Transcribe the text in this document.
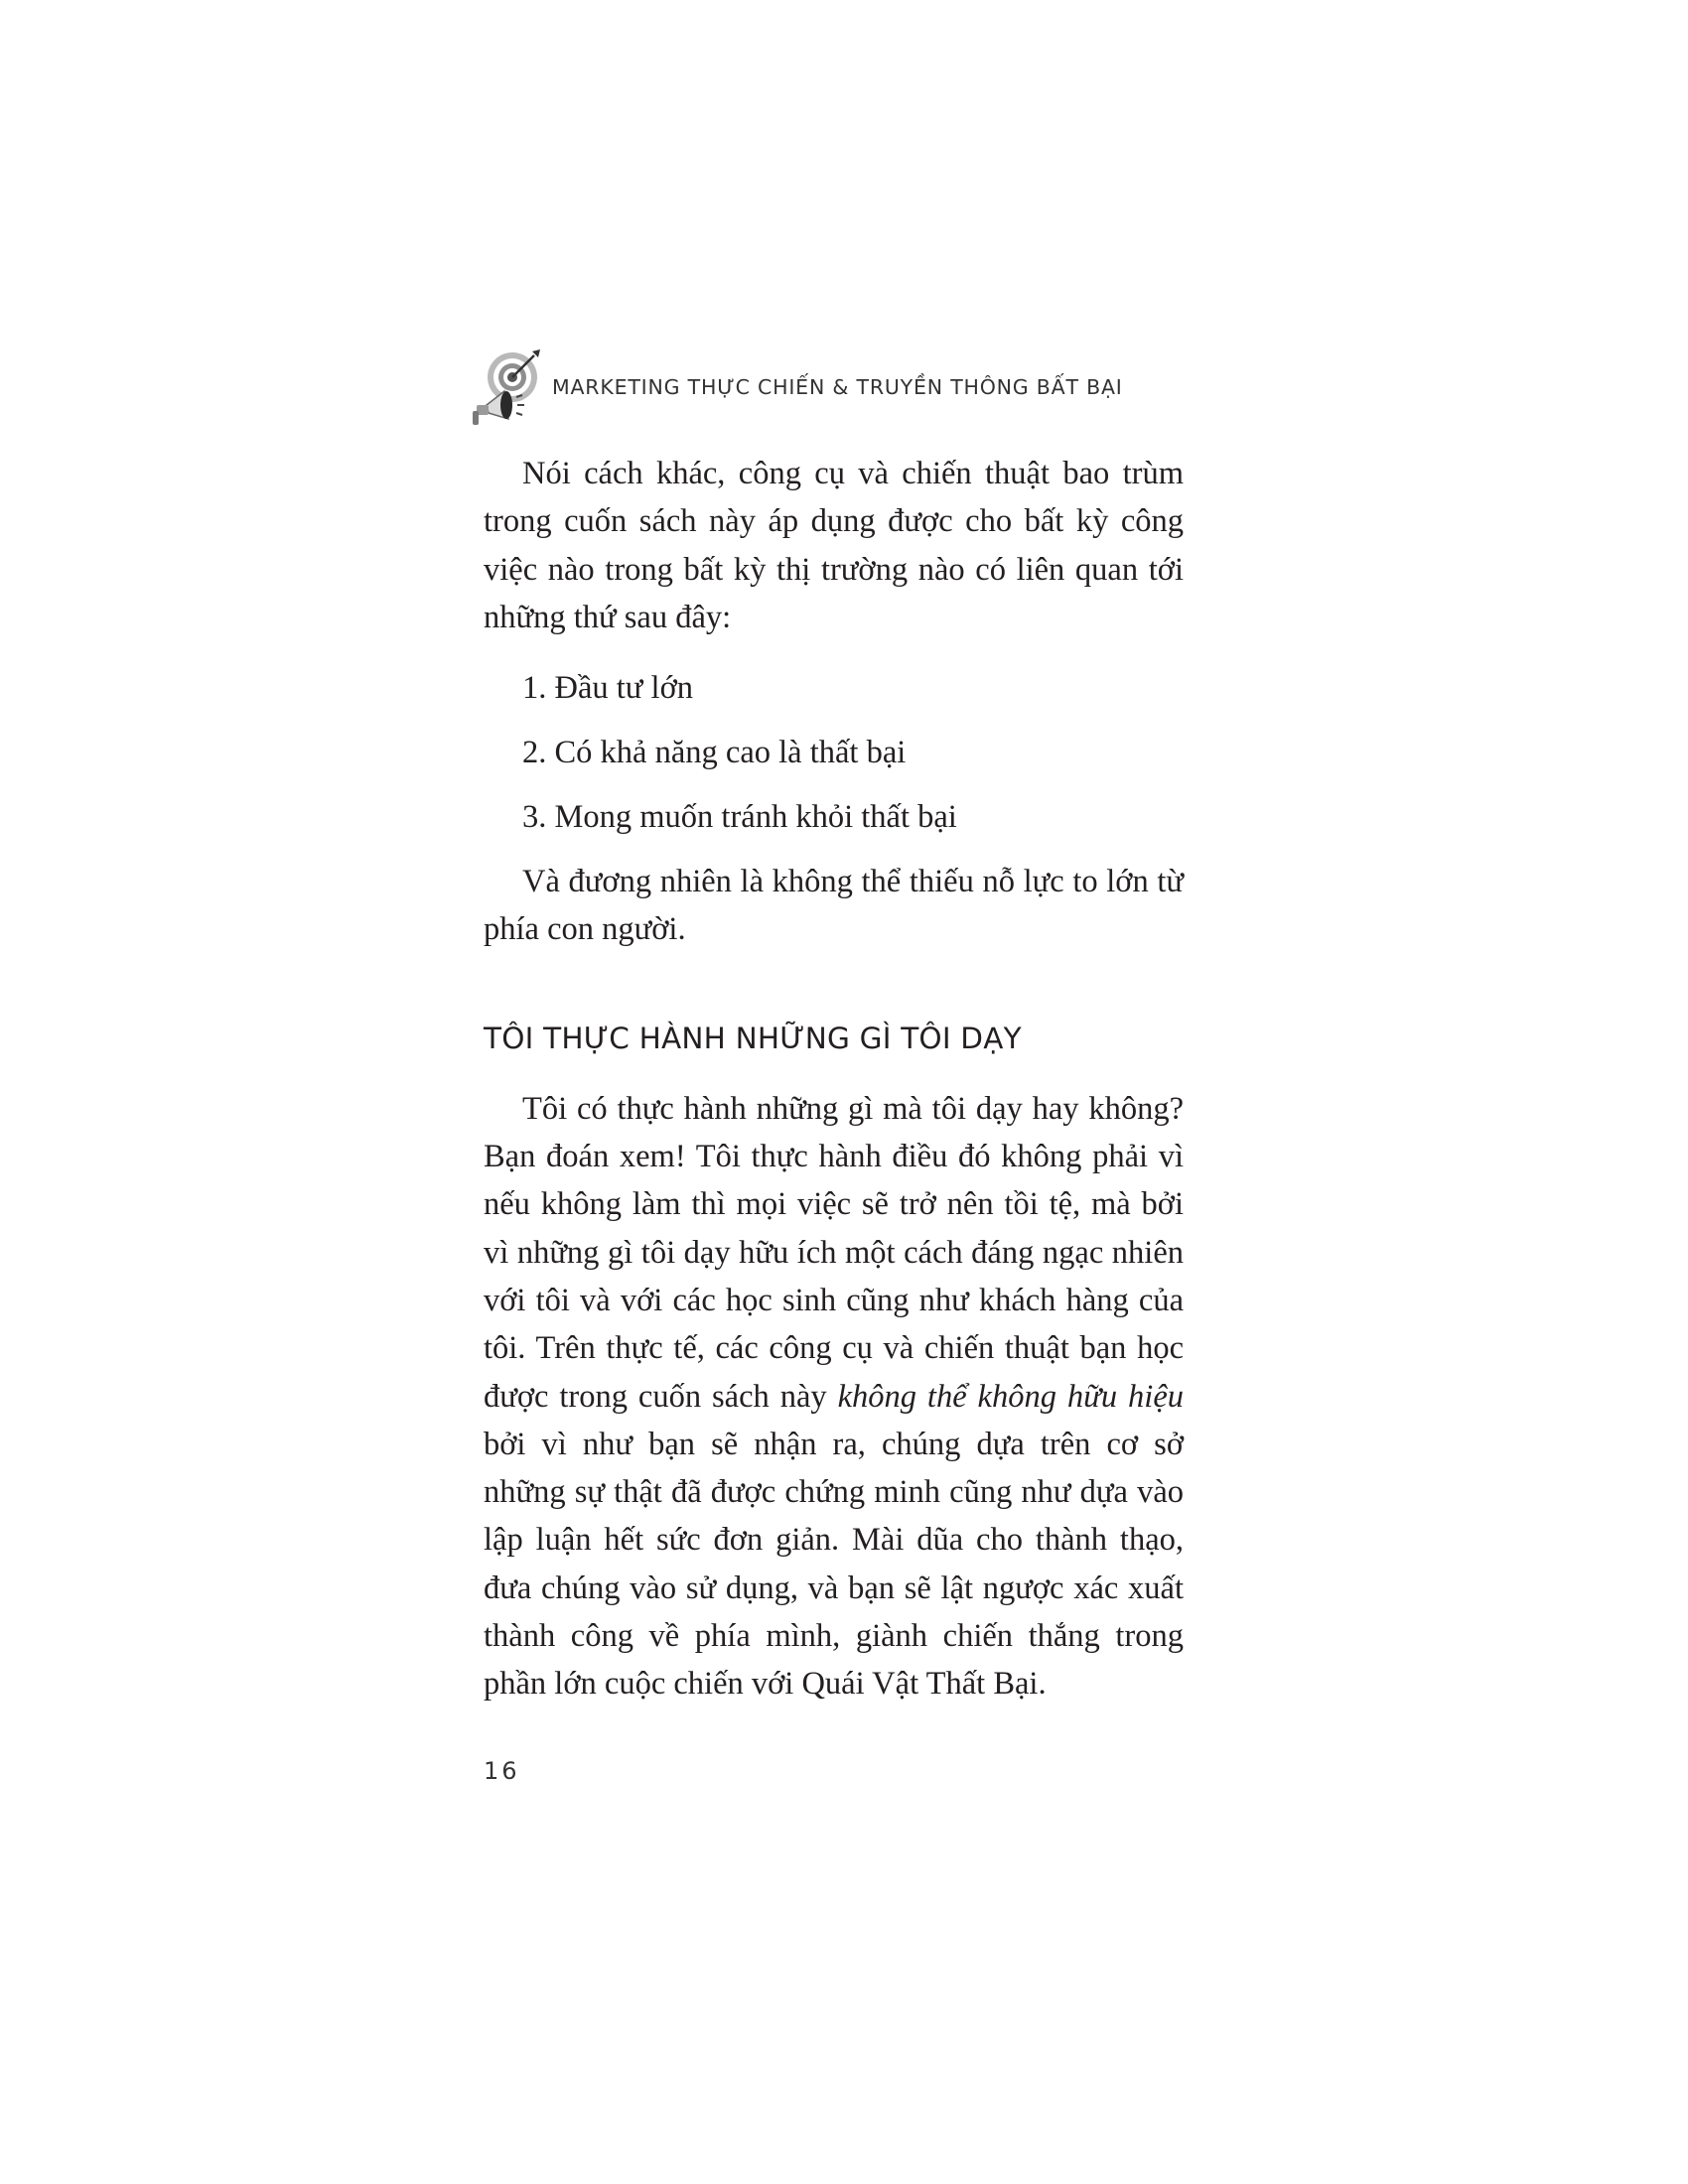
MARKETING THỰC CHIẾN & TRUYỀN THÔNG BẤT BẠI

Nói cách khác, công cụ và chiến thuật bao trùm trong cuốn sách này áp dụng được cho bất kỳ công việc nào trong bất kỳ thị trường nào có liên quan tới những thứ sau đây:

1. Đầu tư lớn
2. Có khả năng cao là thất bại
3. Mong muốn tránh khỏi thất bại

Và đương nhiên là không thể thiếu nỗ lực to lớn từ phía con người.

TÔI THỰC HÀNH NHỮNG GÌ TÔI DẠY

Tôi có thực hành những gì mà tôi dạy hay không? Bạn đoán xem! Tôi thực hành điều đó không phải vì nếu không làm thì mọi việc sẽ trở nên tồi tệ, mà bởi vì những gì tôi dạy hữu ích một cách đáng ngạc nhiên với tôi và với các học sinh cũng như khách hàng của tôi. Trên thực tế, các công cụ và chiến thuật bạn học được trong cuốn sách này không thể không hữu hiệu bởi vì như bạn sẽ nhận ra, chúng dựa trên cơ sở những sự thật đã được chứng minh cũng như dựa vào lập luận hết sức đơn giản. Mài dũa cho thành thạo, đưa chúng vào sử dụng, và bạn sẽ lật ngược xác xuất thành công về phía mình, giành chiến thắng trong phần lớn cuộc chiến với Quái Vật Thất Bại.

16
